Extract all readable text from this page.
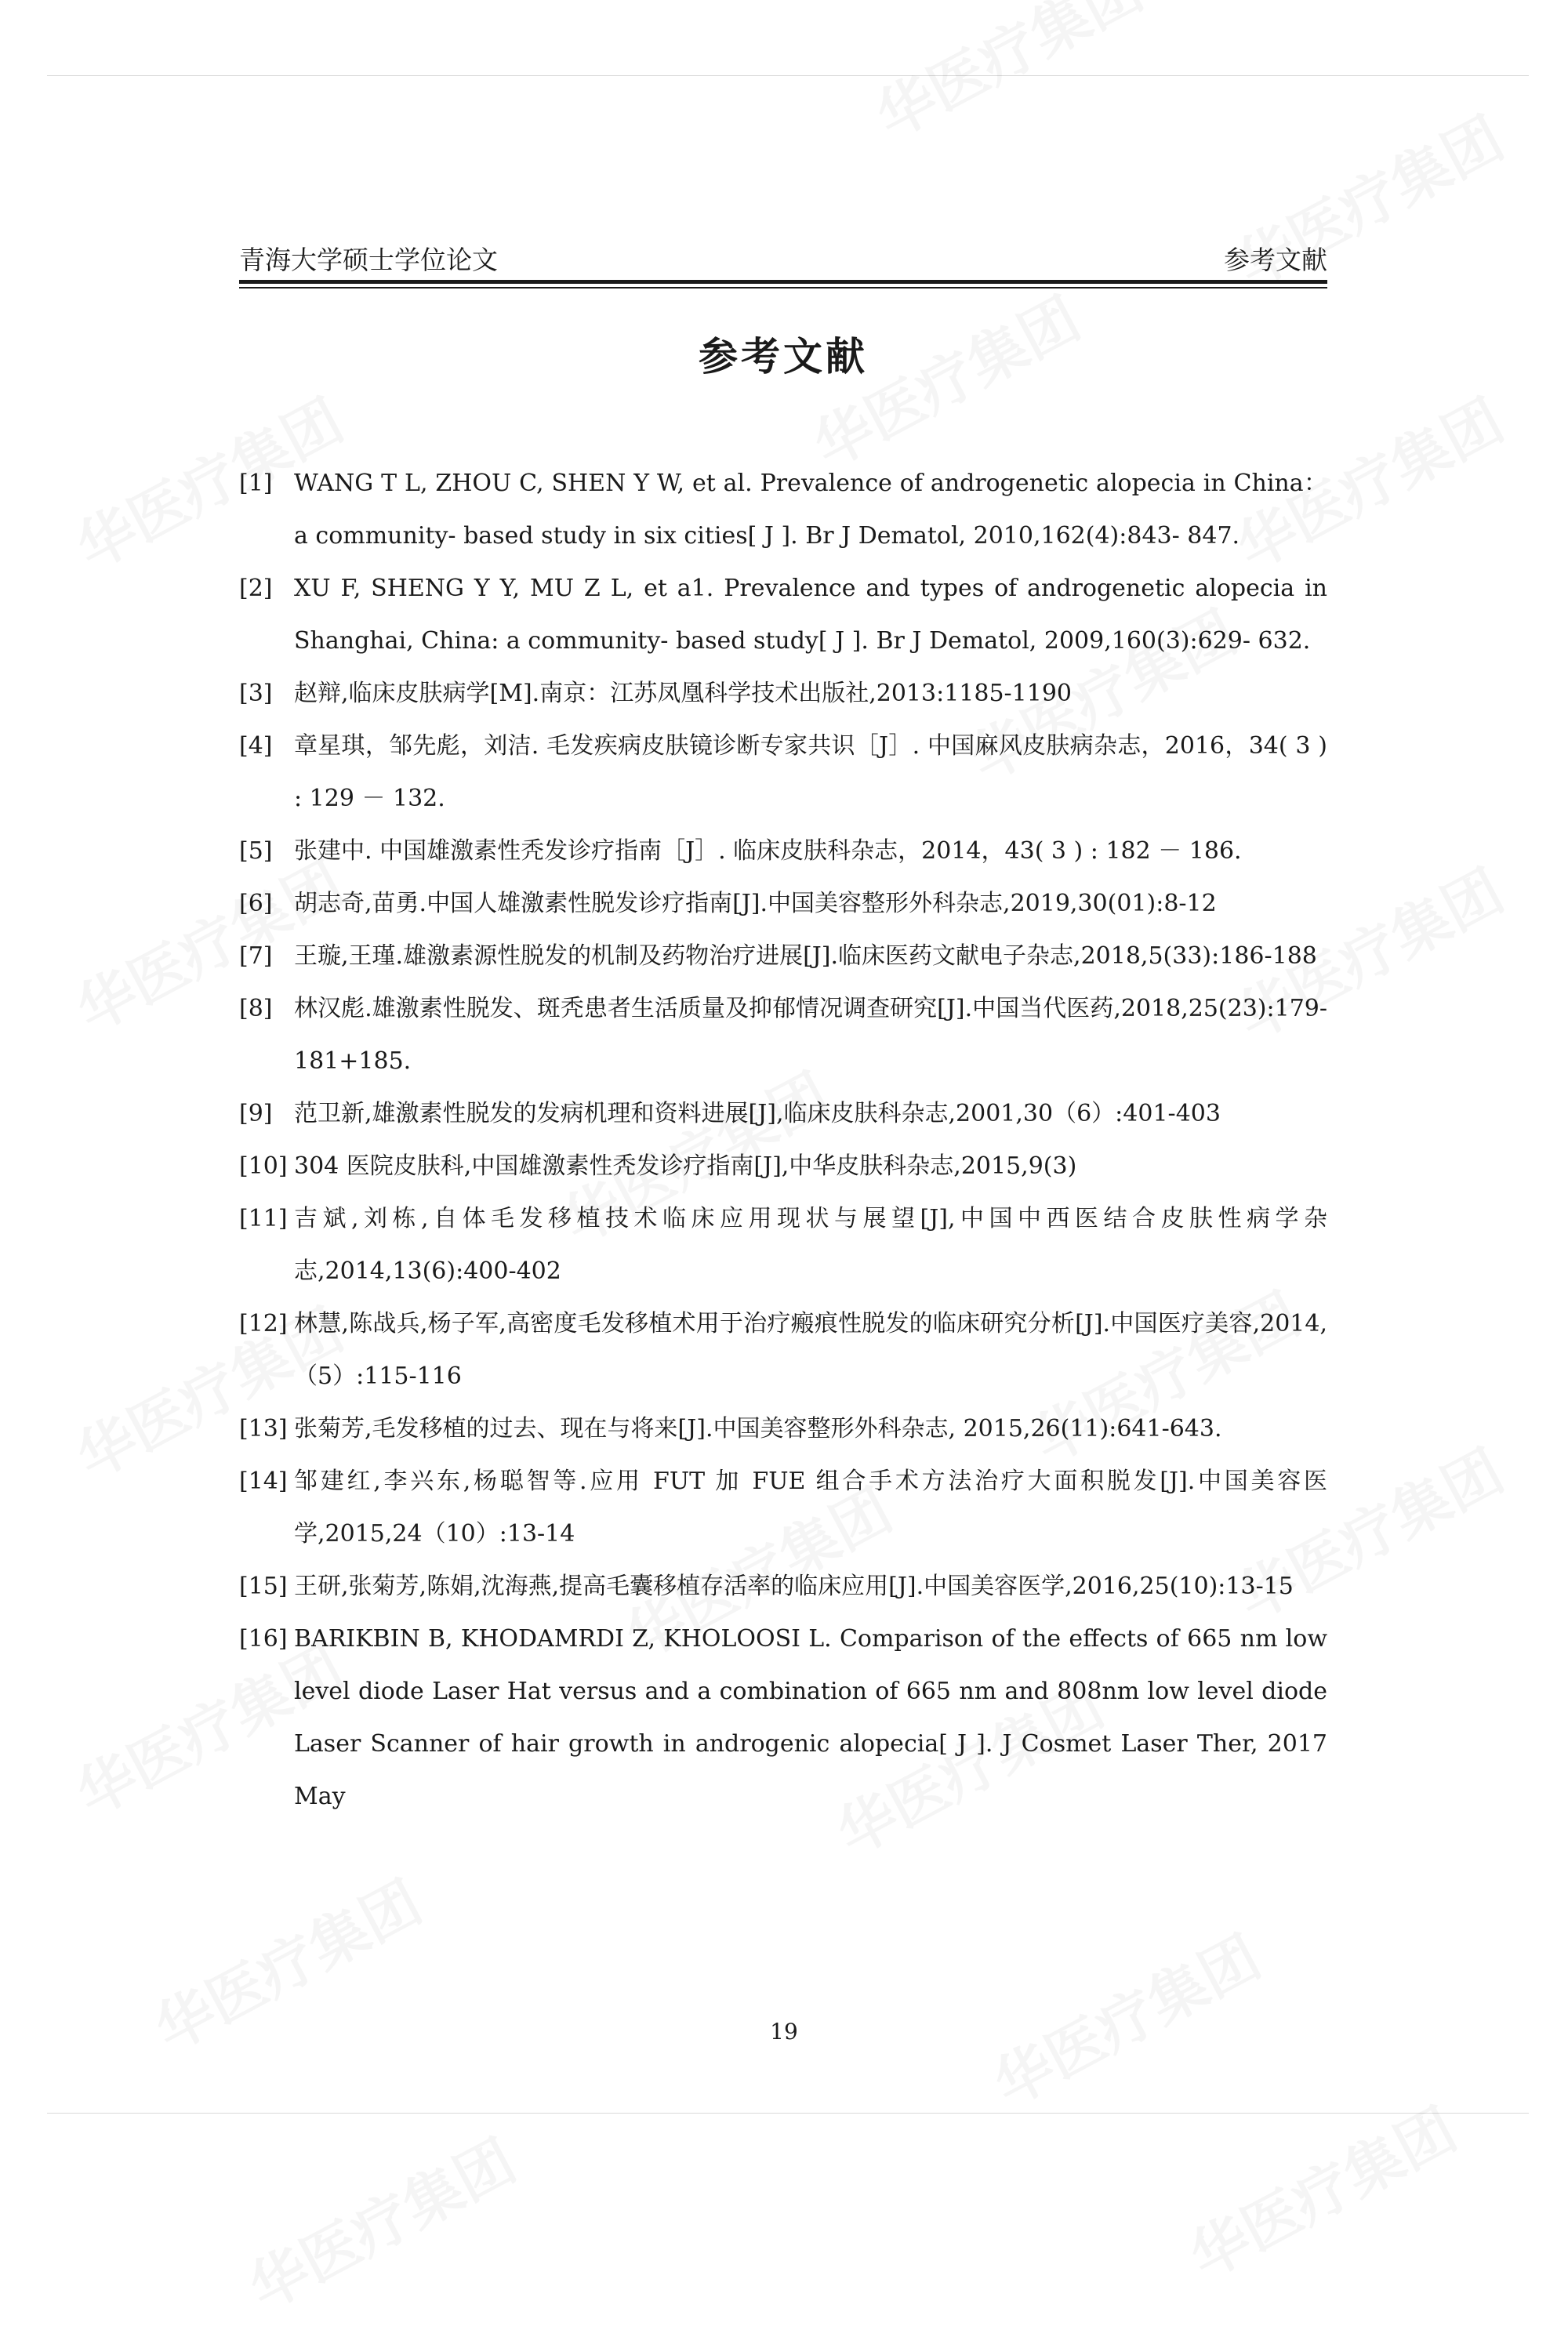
青海大学硕士学位论文	参考文献
参考文献
[1] WANG T L, ZHOU C, SHEN Y W, et al. Prevalence of androgenetic alopecia in China：a community- based study in six cities[ J ]. Br J Dematol, 2010,162(4):843- 847.
[2] XU F, SHENG Y Y, MU Z L, et a1. Prevalence and types of androgenetic alopecia in Shanghai, China: a community- based study[ J ]. Br J Dematol, 2009,160(3):629- 632.
[3] 赵辩,临床皮肤病学[M].南京：江苏凤凰科学技术出版社,2013:1185-1190
[4] 章星琪，邹先彪，刘洁. 毛发疾病皮肤镜诊断专家共识［J］. 中国麻风皮肤病杂志，2016，34( 3 ) : 129 － 132.
[5] 张建中. 中国雄激素性秃发诊疗指南［J］. 临床皮肤科杂志，2014，43( 3 ) : 182 － 186.
[6] 胡志奇,苗勇.中国人雄激素性脱发诊疗指南[J].中国美容整形外科杂志,2019,30(01):8-12
[7] 王璇,王瑾.雄激素源性脱发的机制及药物治疗进展[J].临床医药文献电子杂志,2018,5(33):186-188
[8] 林汉彪.雄激素性脱发、斑秃患者生活质量及抑郁情况调查研究[J].中国当代医药,2018,25(23):179-181+185.
[9] 范卫新,雄激素性脱发的发病机理和资料进展[J],临床皮肤科杂志,2001,30（6）:401-403
[10] 304 医院皮肤科,中国雄激素性秃发诊疗指南[J],中华皮肤科杂志,2015,9(3)
[11] 吉斌,刘栋,自体毛发移植技术临床应用现状与展望[J],中国中西医结合皮肤性病学杂志,2014,13(6):400-402
[12] 林慧,陈战兵,杨子军,高密度毛发移植术用于治疗瘢痕性脱发的临床研究分析[J].中国医疗美容,2014,（5）:115-116
[13] 张菊芳,毛发移植的过去、现在与将来[J].中国美容整形外科杂志, 2015,26(11):641-643.
[14] 邹建红,李兴东,杨聪智等.应用 FUT 加 FUE 组合手术方法治疗大面积脱发[J].中国美容医学,2015,24（10）:13-14
[15] 王研,张菊芳,陈娟,沈海燕,提高毛囊移植存活率的临床应用[J].中国美容医学,2016,25(10):13-15
[16] BARIKBIN B, KHODAMRDI Z, KHOLOOSI L. Comparison of the effects of 665 nm low level diode Laser Hat versus and a combination of 665 nm and 808nm low level diode Laser Scanner of hair growth in androgenic alopecia[ J ]. J Cosmet Laser Ther, 2017 May
19
